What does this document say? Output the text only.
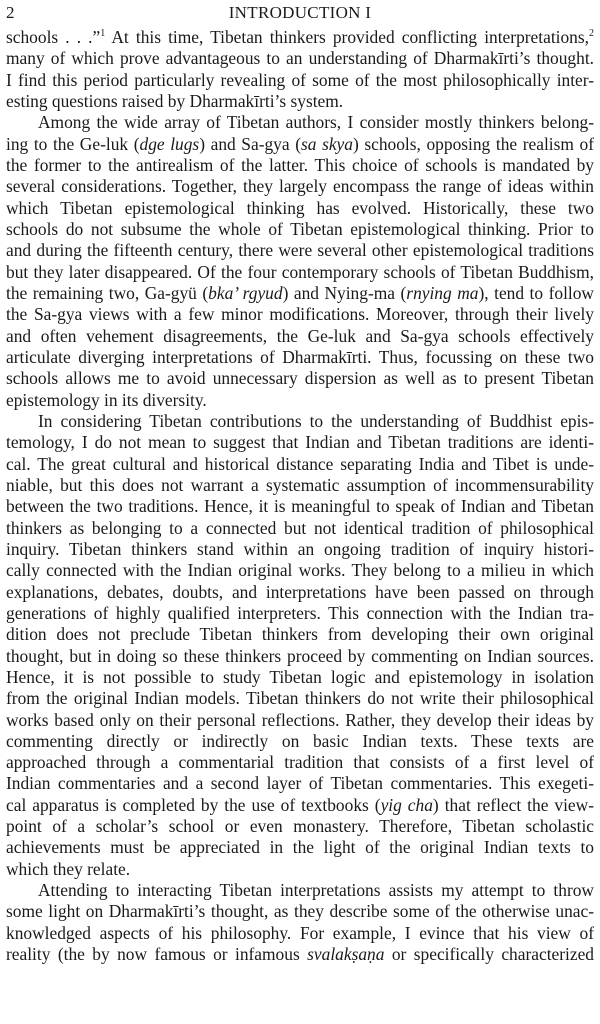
2	INTRODUCTION I
schools . . .”$^1$ At this time, Tibetan thinkers provided conflicting interpretations,$^2$
many of which prove advantageous to an understanding of Dharmakīrti’s thought.
I find this period particularly revealing of some of the most philosophically inter-
esting questions raised by Dharmakīrti’s system.
Among the wide array of Tibetan authors, I consider mostly thinkers belong-
ing to the Ge-luk (dge lugs) and Sa-gya (sa skya) schools, opposing the realism of
the former to the antirealism of the latter. This choice of schools is mandated by
several considerations. Together, they largely encompass the range of ideas within
which Tibetan epistemological thinking has evolved. Historically, these two
schools do not subsume the whole of Tibetan epistemological thinking. Prior to
and during the fifteenth century, there were several other epistemological traditions
but they later disappeared. Of the four contemporary schools of Tibetan Buddhism,
the remaining two, Ga-gyü (bka’ rgyud) and Nying-ma (rnying ma), tend to follow
the Sa-gya views with a few minor modifications. Moreover, through their lively
and often vehement disagreements, the Ge-luk and Sa-gya schools effectively
articulate diverging interpretations of Dharmakīrti. Thus, focussing on these two
schools allows me to avoid unnecessary dispersion as well as to present Tibetan
epistemology in its diversity.
In considering Tibetan contributions to the understanding of Buddhist epis-
temology, I do not mean to suggest that Indian and Tibetan traditions are identi-
cal. The great cultural and historical distance separating India and Tibet is unde-
niable, but this does not warrant a systematic assumption of incommensurability
between the two traditions. Hence, it is meaningful to speak of Indian and Tibetan
thinkers as belonging to a connected but not identical tradition of philosophical
inquiry. Tibetan thinkers stand within an ongoing tradition of inquiry histori-
cally connected with the Indian original works. They belong to a milieu in which
explanations, debates, doubts, and interpretations have been passed on through
generations of highly qualified interpreters. This connection with the Indian tra-
dition does not preclude Tibetan thinkers from developing their own original
thought, but in doing so these thinkers proceed by commenting on Indian sources.
Hence, it is not possible to study Tibetan logic and epistemology in isolation
from the original Indian models. Tibetan thinkers do not write their philosophical
works based only on their personal reflections. Rather, they develop their ideas by
commenting directly or indirectly on basic Indian texts. These texts are
approached through a commentarial tradition that consists of a first level of
Indian commentaries and a second layer of Tibetan commentaries. This exegeti-
cal apparatus is completed by the use of textbooks (yig cha) that reflect the view-
point of a scholar’s school or even monastery. Therefore, Tibetan scholastic
achievements must be appreciated in the light of the original Indian texts to
which they relate.
Attending to interacting Tibetan interpretations assists my attempt to throw
some light on Dharmakīrti’s thought, as they describe some of the otherwise unac-
knowledged aspects of his philosophy. For example, I evince that his view of
reality (the by now famous or infamous svalakṣaṇa or specifically characterized
